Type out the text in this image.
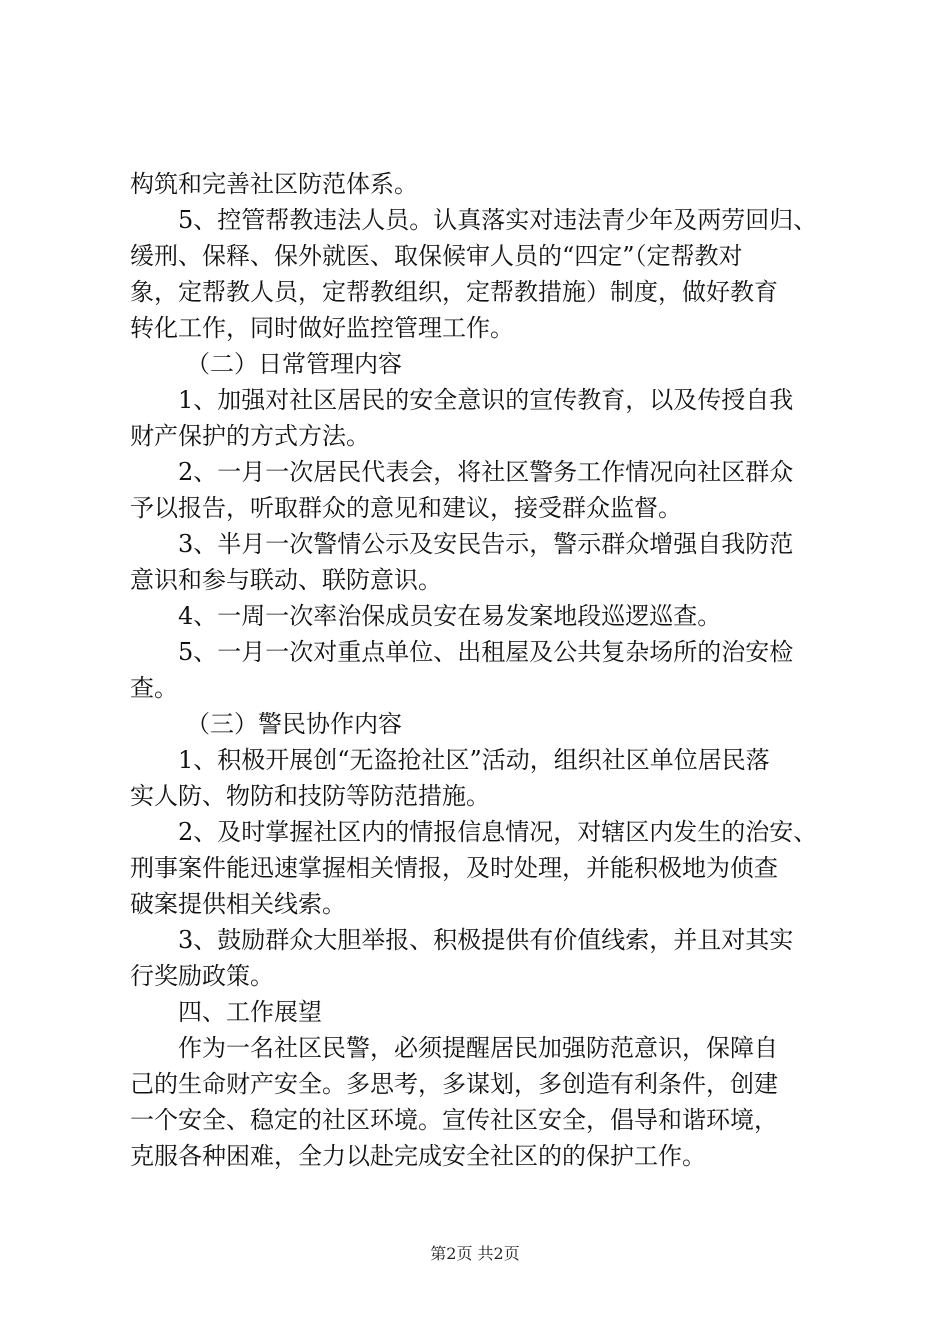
构筑和完善社区防范体系。
5、控管帮教违法人员。认真落实对违法青少年及两劳回归、
缓刑、保释、保外就医、取保候审人员的“四定”（定帮教对
象，定帮教人员，定帮教组织，定帮教措施）制度，做好教育
转化工作，同时做好监控管理工作。
（二）日常管理内容
1、加强对社区居民的安全意识的宣传教育，以及传授自我
财产保护的方式方法。
2、一月一次居民代表会，将社区警务工作情况向社区群众
予以报告，听取群众的意见和建议，接受群众监督。
3、半月一次警情公示及安民告示，警示群众增强自我防范
意识和参与联动、联防意识。
4、一周一次率治保成员安在易发案地段巡逻巡查。
5、一月一次对重点单位、出租屋及公共复杂场所的治安检
查。
（三）警民协作内容
1、积极开展创“无盗抢社区”活动，组织社区单位居民落
实人防、物防和技防等防范措施。
2、及时掌握社区内的情报信息情况，对辖区内发生的治安、
刑事案件能迅速掌握相关情报，及时处理，并能积极地为侦查
破案提供相关线索。
3、鼓励群众大胆举报、积极提供有价值线索，并且对其实
行奖励政策。
四、工作展望
作为一名社区民警，必须提醒居民加强防范意识，保障自
己的生命财产安全。多思考，多谋划，多创造有利条件，创建
一个安全、稳定的社区环境。宣传社区安全，倡导和谐环境，
克服各种困难，全力以赴完成安全社区的的保护工作。
第2页 共2页
